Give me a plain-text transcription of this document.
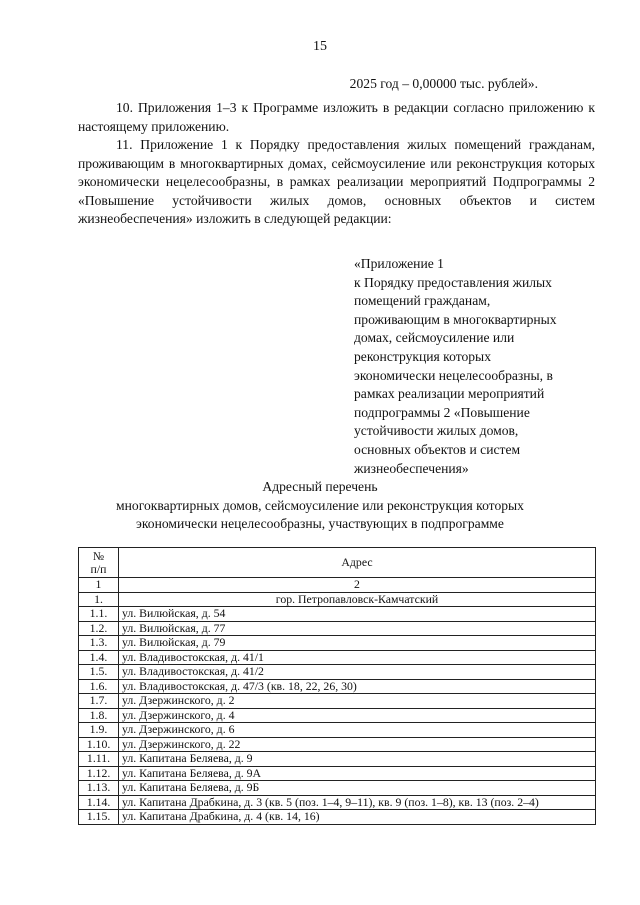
15
2025 год – 0,00000 тыс. рублей».

10. Приложения 1–3 к Программе изложить в редакции согласно приложению к настоящему приложению.

11. Приложение 1 к Порядку предоставления жилых помещений гражданам, проживающим в многоквартирных домах, сейсмоусиление или реконструкция которых экономически нецелесообразны, в рамках реализации мероприятий Подпрограммы 2 «Повышение устойчивости жилых домов, основных объектов и систем жизнеобеспечения» изложить в следующей редакции:

«Приложение 1
к Порядку предоставления жилых
помещений гражданам,
проживающим в многоквартирных
домах, сейсмоусиление или
реконструкция которых
экономически нецелесообразны, в
рамках реализации мероприятий
подпрограммы 2 «Повышение
устойчивости жилых домов,
основных объектов и систем
жизнеобеспечения»
Адресный перечень
многоквартирных домов, сейсмоусиление или реконструкция которых
экономически нецелесообразны, участвующих в подпрограмме
№
п/п	Адрес
1	2
1.	гор. Петропавловск-Камчатский
1.1.	ул. Вилюйская, д. 54
1.2.	ул. Вилюйская, д. 77
1.3.	ул. Вилюйская, д. 79
1.4.	ул. Владивостокская, д. 41/1
1.5.	ул. Владивостокская, д. 41/2
1.6.	ул. Владивостокская, д. 47/3 (кв. 18, 22, 26, 30)
1.7.	ул. Дзержинского, д. 2
1.8.	ул. Дзержинского, д. 4
1.9.	ул. Дзержинского, д. 6
1.10.	ул. Дзержинского, д. 22
1.11.	ул. Капитана Беляева, д. 9
1.12.	ул. Капитана Беляева, д. 9А
1.13.	ул. Капитана Беляева, д. 9Б
1.14.	ул. Капитана Драбкина, д. 3 (кв. 5 (поз. 1–4, 9–11), кв. 9 (поз. 1–8), кв. 13 (поз. 2–4)
1.15.	ул. Капитана Драбкина, д. 4 (кв. 14, 16)
